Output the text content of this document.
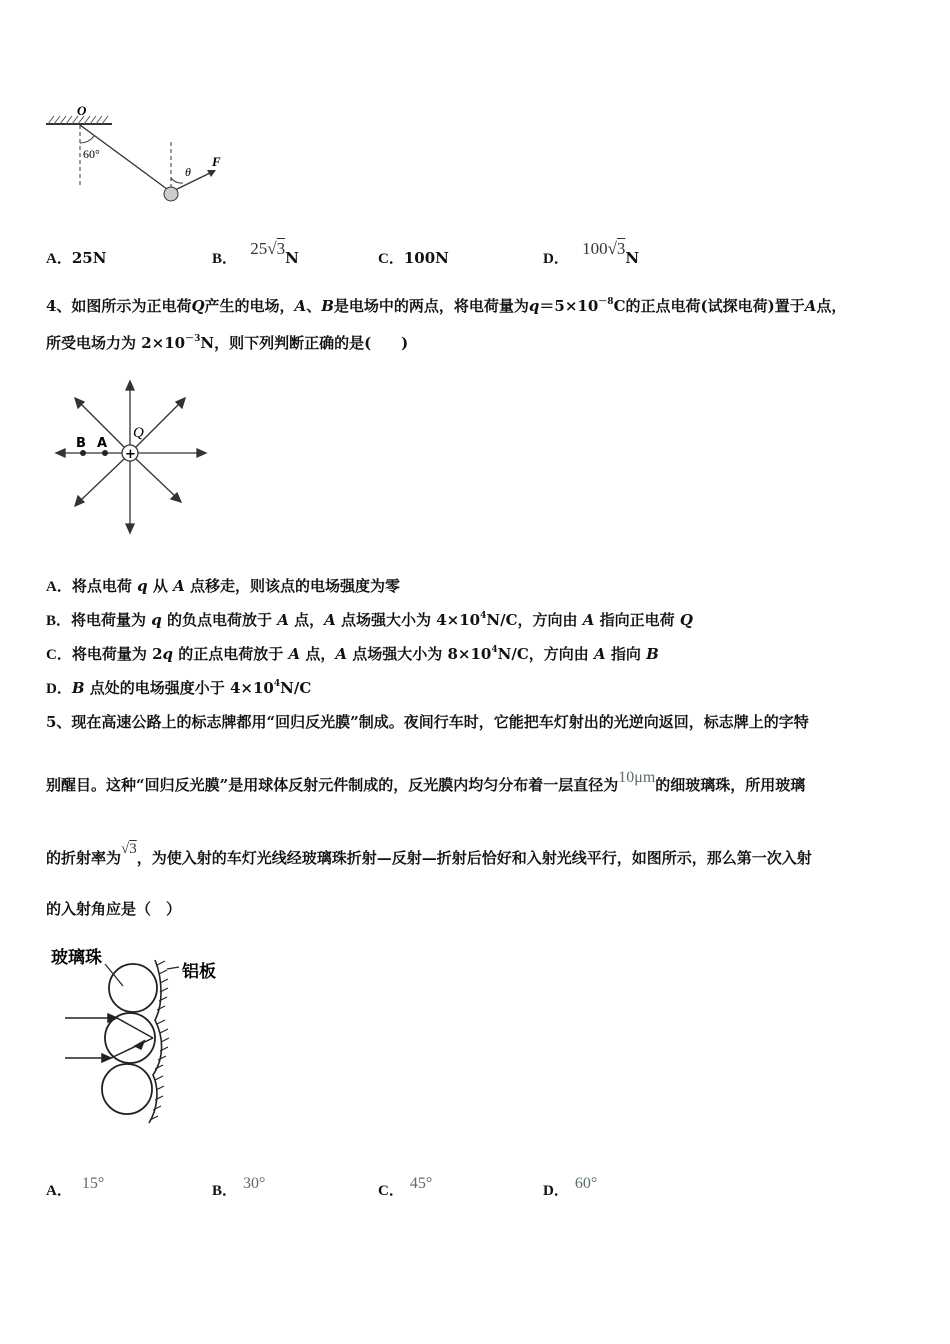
O
60°
θ
F
A．25N	B． 25√3N	C．100N	D． 100√3N
4、如图所示为正电荷Q产生的电场，A、B是电场中的两点，将电荷量为$q=5\times 10^{-8}C$的正点电荷(试探电荷)置于A点，
所受电场力为 $2\times 10^{-3}N$，则下列判断正确的是(　　)
+
B A
Q
A．将点电荷 q 从 A 点移走，则该点的电场强度为零
B．将电荷量为 q 的负点电荷放于 A 点，A 点场强大小为 $4\times 10^4N/C$，方向由 A 指向正电荷 Q
C．将电荷量为 2q 的正点电荷放于 A 点，A 点场强大小为 $8\times 10^4N/C$，方向由 A 指向 B
D．B 点处的电场强度小于 $4\times 10^4N/C$
5、现在高速公路上的标志牌都用“回归反光膜”制成。夜间行车时，它能把车灯射出的光逆向返回，标志牌上的字特
别醒目。这种“回归反光膜”是用球体反射元件制成的，反光膜内均匀分布着一层直径为10μm的细玻璃珠，所用玻璃
的折射率为√3，为使入射的车灯光线经玻璃珠折射—反射—折射后恰好和入射光线平行，如图所示，那么第一次入射
的入射角应是（　）
玻璃珠
铝板
A． 15°	B． 30°	C． 45°	D． 60°
